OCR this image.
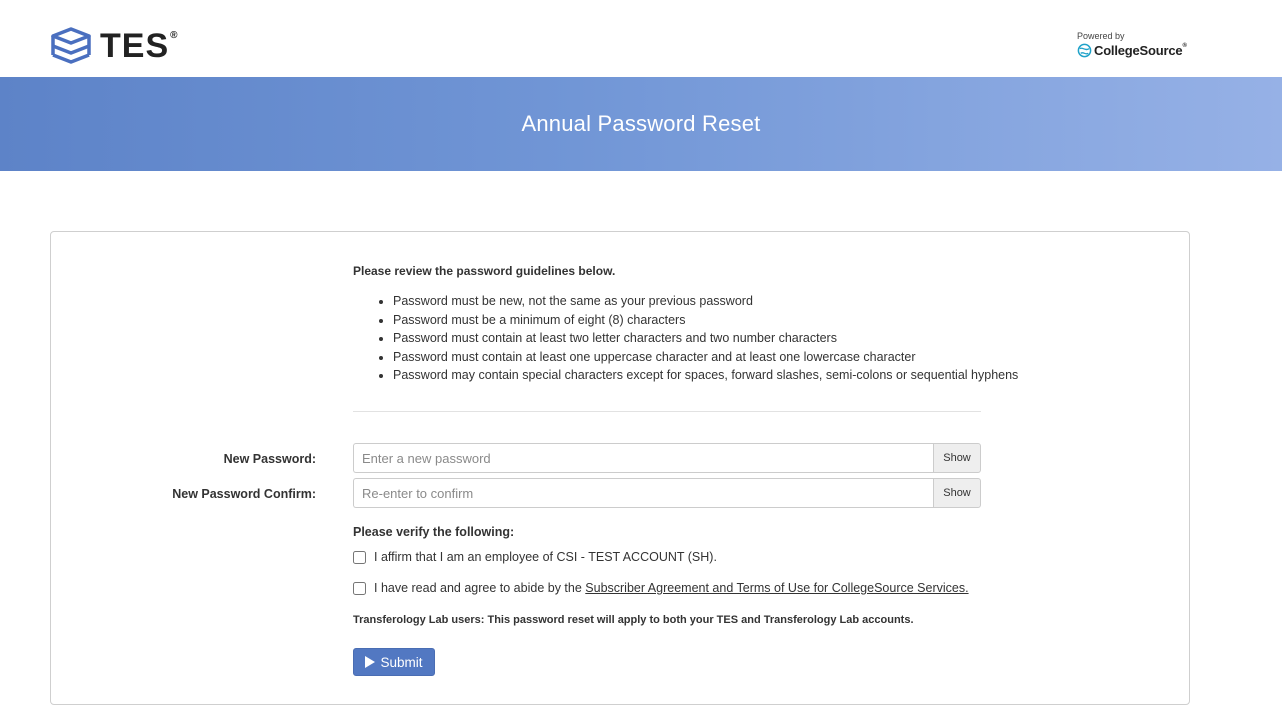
TES®	Powered by
CollegeSource®
Annual Password Reset
Please review the password guidelines below.
• Password must be new, not the same as your previous password
• Password must be a minimum of eight (8) characters
• Password must contain at least two letter characters and two number characters
• Password must contain at least one uppercase character and at least one lowercase character
• Password may contain special characters except for spaces, forward slashes, semi-colons or sequential hyphens
New Password:	Show
New Password Confirm:	Show
Please verify the following:
I affirm that I am an employee of CSI - TEST ACCOUNT (SH).
I have read and agree to abide by the Subscriber Agreement and Terms of Use for CollegeSource Services.
Transferology Lab users: This password reset will apply to both your TES and Transferology Lab accounts.
Submit
